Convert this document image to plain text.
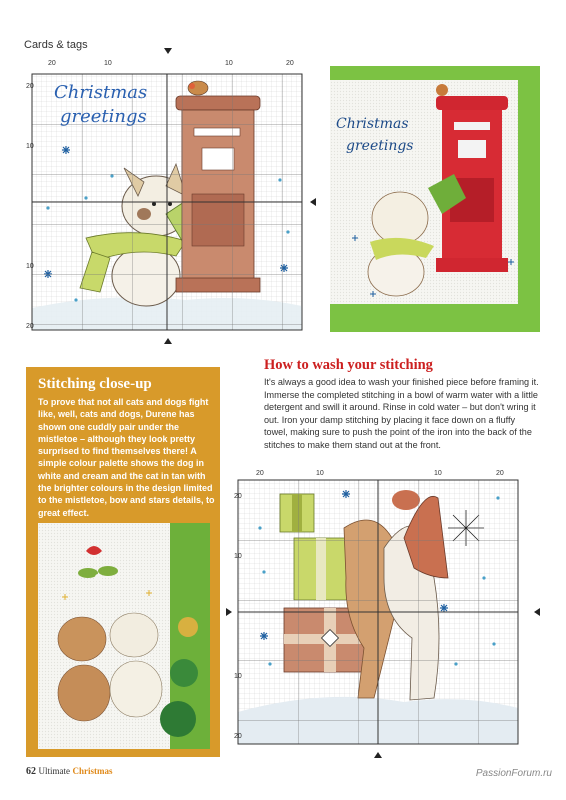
Cards & tags
Christmas
greetings
20	10	10	20
20
10
10
20
Christmas
greetings
Stitching close-up
To prove that not all cats and dogs fight like, well, cats and dogs, Durene has shown one cuddly pair under the mistletoe – although they look pretty surprised to find themselves there! A simple colour palette shows the dog in white and cream and the cat in tan with the brighter colours in the design limited to the mistletoe, bow and stars details, to great effect.
How to wash your stitching
It's always a good idea to wash your finished piece before framing it. Immerse the completed stitching in a bowl of warm water with a little detergent and swill it around. Rinse in cold water – but don't wring it out. Iron your damp stitching by placing it face down on a fluffy towel, making sure to push the point of the iron into the back of the stitches to make them stand out at the front.
20	10	10	20
20
10
10
20
62 Ultimate Christmas	PassionForum.ru
